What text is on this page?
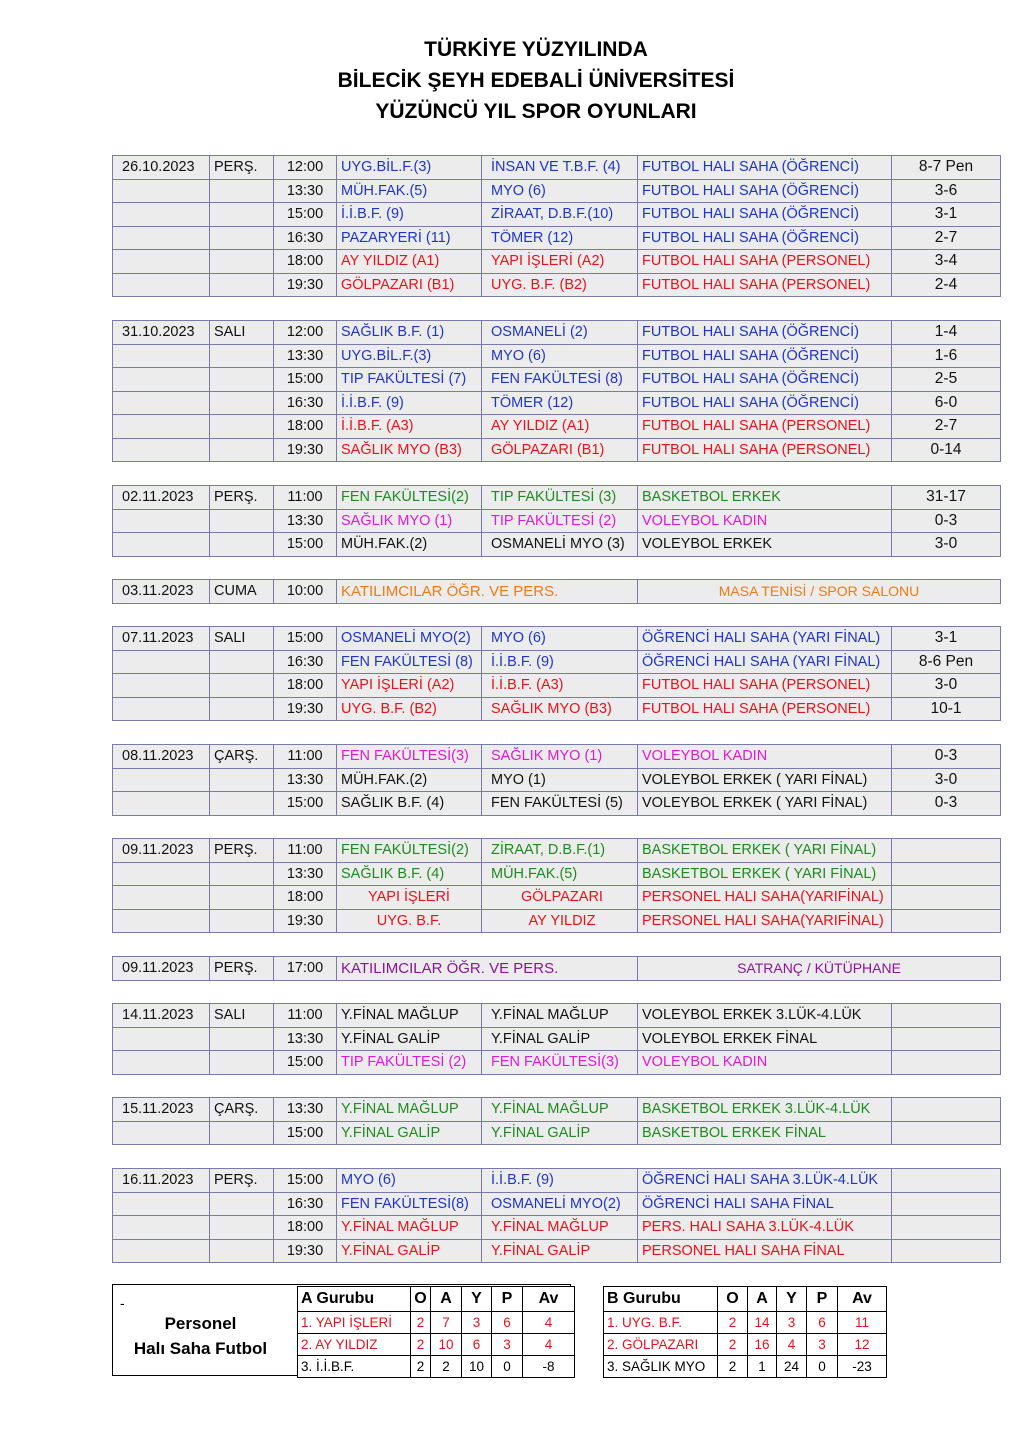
TÜRKİYE YÜZYILINDA
BİLECİK ŞEYH EDEBALİ ÜNİVERSİTESİ
YÜZÜNCÜ YIL SPOR OYUNLARI
26.10.2023	PERŞ.	12:00	UYG.BİL.F.(3)	İNSAN VE T.B.F. (4)	FUTBOL HALI SAHA (ÖĞRENCİ)	8-7 Pen
		13:30	MÜH.FAK.(5)	MYO (6)	FUTBOL HALI SAHA (ÖĞRENCİ)	3-6
		15:00	İ.İ.B.F. (9)	ZİRAAT, D.B.F.(10)	FUTBOL HALI SAHA (ÖĞRENCİ)	3-1
		16:30	PAZARYERİ (11)	TÖMER (12)	FUTBOL HALI SAHA (ÖĞRENCİ)	2-7
		18:00	AY YILDIZ (A1)	YAPI İŞLERİ (A2)	FUTBOL HALI SAHA (PERSONEL)	3-4
		19:30	GÖLPAZARI (B1)	UYG. B.F. (B2)	FUTBOL HALI SAHA (PERSONEL)	2-4
31.10.2023	SALI	12:00	SAĞLIK B.F. (1)	OSMANELİ (2)	FUTBOL HALI SAHA (ÖĞRENCİ)	1-4
		13:30	UYG.BİL.F.(3)	MYO (6)	FUTBOL HALI SAHA (ÖĞRENCİ)	1-6
		15:00	TIP FAKÜLTESİ (7)	FEN FAKÜLTESİ (8)	FUTBOL HALI SAHA (ÖĞRENCİ)	2-5
		16:30	İ.İ.B.F. (9)	TÖMER (12)	FUTBOL HALI SAHA (ÖĞRENCİ)	6-0
		18:00	İ.İ.B.F. (A3)	AY YILDIZ (A1)	FUTBOL HALI SAHA (PERSONEL)	2-7
		19:30	SAĞLIK MYO (B3)	GÖLPAZARI (B1)	FUTBOL HALI SAHA (PERSONEL)	0-14
02.11.2023	PERŞ.	11:00	FEN FAKÜLTESİ(2)	TIP FAKÜLTESİ (3)	BASKETBOL ERKEK	31-17
		13:30	SAĞLIK MYO (1)	TIP FAKÜLTESİ (2)	VOLEYBOL KADIN	0-3
		15:00	MÜH.FAK.(2)	OSMANELİ MYO (3)	VOLEYBOL ERKEK	3-0
03.11.2023	CUMA	10:00	KATILIMCILAR ÖĞR. VE PERS.	MASA TENİSİ / SPOR SALONU
07.11.2023	SALI	15:00	OSMANELİ MYO(2)	MYO (6)	ÖĞRENCİ HALI SAHA (YARI FİNAL)	3-1
		16:30	FEN FAKÜLTESİ (8)	İ.İ.B.F. (9)	ÖĞRENCİ HALI SAHA (YARI FİNAL)	8-6 Pen
		18:00	YAPI İŞLERİ (A2)	İ.İ.B.F. (A3)	FUTBOL HALI SAHA (PERSONEL)	3-0
		19:30	UYG. B.F. (B2)	SAĞLIK MYO (B3)	FUTBOL HALI SAHA (PERSONEL)	10-1
08.11.2023	ÇARŞ.	11:00	FEN FAKÜLTESİ(3)	SAĞLIK MYO (1)	VOLEYBOL KADIN	0-3
		13:30	MÜH.FAK.(2)	MYO (1)	VOLEYBOL ERKEK ( YARI FİNAL)	3-0
		15:00	SAĞLIK B.F. (4)	FEN FAKÜLTESİ (5)	VOLEYBOL ERKEK ( YARI FİNAL)	0-3
09.11.2023	PERŞ.	11:00	FEN FAKÜLTESİ(2)	ZİRAAT, D.B.F.(1)	BASKETBOL ERKEK ( YARI FİNAL)	
		13:30	SAĞLIK B.F. (4)	MÜH.FAK.(5)	BASKETBOL ERKEK ( YARI FİNAL)	
		18:00	YAPI İŞLERİ	GÖLPAZARI	PERSONEL HALI SAHA(YARIFİNAL)	
		19:30	UYG. B.F.	AY YILDIZ	PERSONEL HALI SAHA(YARIFİNAL)	
09.11.2023	PERŞ.	17:00	KATILIMCILAR ÖĞR. VE PERS.	SATRANÇ / KÜTÜPHANE
14.11.2023	SALI	11:00	Y.FİNAL MAĞLUP	Y.FİNAL MAĞLUP	VOLEYBOL ERKEK 3.LÜK-4.LÜK	
		13:30	Y.FİNAL GALİP	Y.FİNAL GALİP	VOLEYBOL ERKEK FİNAL	
		15:00	TIP FAKÜLTESİ (2)	FEN FAKÜLTESİ(3)	VOLEYBOL KADIN	
15.11.2023	ÇARŞ.	13:30	Y.FİNAL MAĞLUP	Y.FİNAL MAĞLUP	BASKETBOL ERKEK 3.LÜK-4.LÜK	
		15:00	Y.FİNAL GALİP	Y.FİNAL GALİP	BASKETBOL ERKEK FİNAL	
16.11.2023	PERŞ.	15:00	MYO (6)	İ.İ.B.F. (9)	ÖĞRENCİ HALI SAHA 3.LÜK-4.LÜK	
		16:30	FEN FAKÜLTESİ(8)	OSMANELİ MYO(2)	ÖĞRENCİ HALI SAHA FİNAL	
		18:00	Y.FİNAL MAĞLUP	Y.FİNAL MAĞLUP	PERS. HALI SAHA 3.LÜK-4.LÜK	
		19:30	Y.FİNAL GALİP	Y.FİNAL GALİP	PERSONEL HALI SAHA FİNAL	
-
Personel
Halı Saha Futbol
A Gurubu	O	A	Y	P	Av
1. YAPI İŞLERİ	2	7	3	6	4
2. AY YILDIZ	2	10	6	3	4
3. İ.İ.B.F.	2	2	10	0	-8
B Gurubu	O	A	Y	P	Av
1. UYG. B.F.	2	14	3	6	11
2. GÖLPAZARI	2	16	4	3	12
3. SAĞLIK MYO	2	1	24	0	-23
